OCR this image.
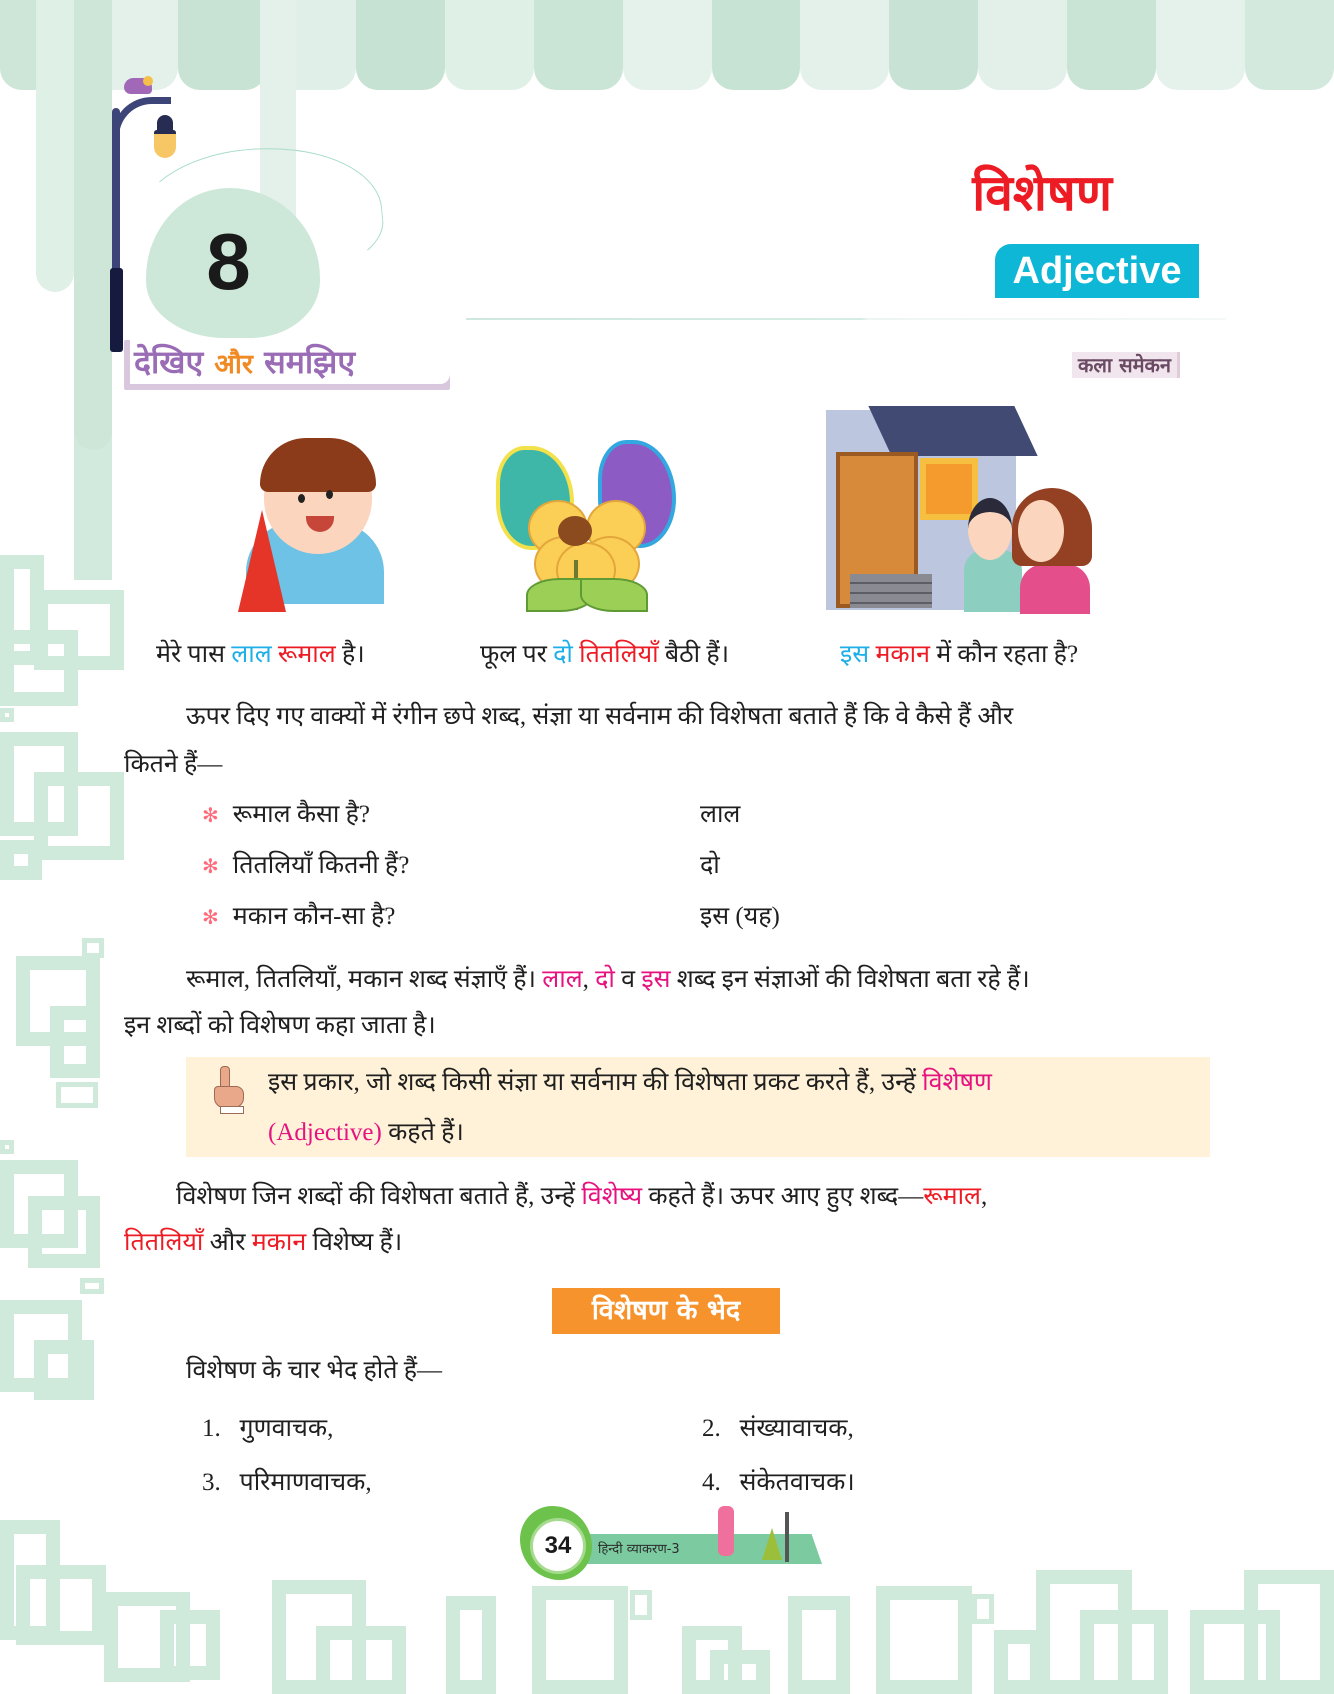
8
देखिए और समझिए
विशेषण
Adjective
कला समेकन
मेरे पास लाल रूमाल है।	फूल पर दो तितलियाँ बैठी हैं।	इस मकान में कौन रहता है?
ऊपर दिए गए वाक्यों में रंगीन छपे शब्द, संज्ञा या सर्वनाम की विशेषता बताते हैं कि वे कैसे हैं और
कितने हैं—
✻ रूमाल कैसा है?	लाल
✻ तितलियाँ कितनी हैं?	दो
✻ मकान कौन-सा है?	इस (यह)
रूमाल, तितलियाँ, मकान शब्द संज्ञाएँ हैं। लाल, दो व इस शब्द इन संज्ञाओं की विशेषता बता रहे हैं।
इन शब्दों को विशेषण कहा जाता है।
इस प्रकार, जो शब्द किसी संज्ञा या सर्वनाम की विशेषता प्रकट करते हैं, उन्हें विशेषण
(Adjective) कहते हैं।
विशेषण जिन शब्दों की विशेषता बताते हैं, उन्हें विशेष्य कहते हैं। ऊपर आए हुए शब्द—रूमाल,
तितलियाँ और मकान विशेष्य हैं।
विशेषण के भेद
विशेषण के चार भेद होते हैं—
1. गुणवाचक,	2. संख्यावाचक,
3. परिमाणवाचक,	4. संकेतवाचक।
34	हिन्दी व्याकरण-3
